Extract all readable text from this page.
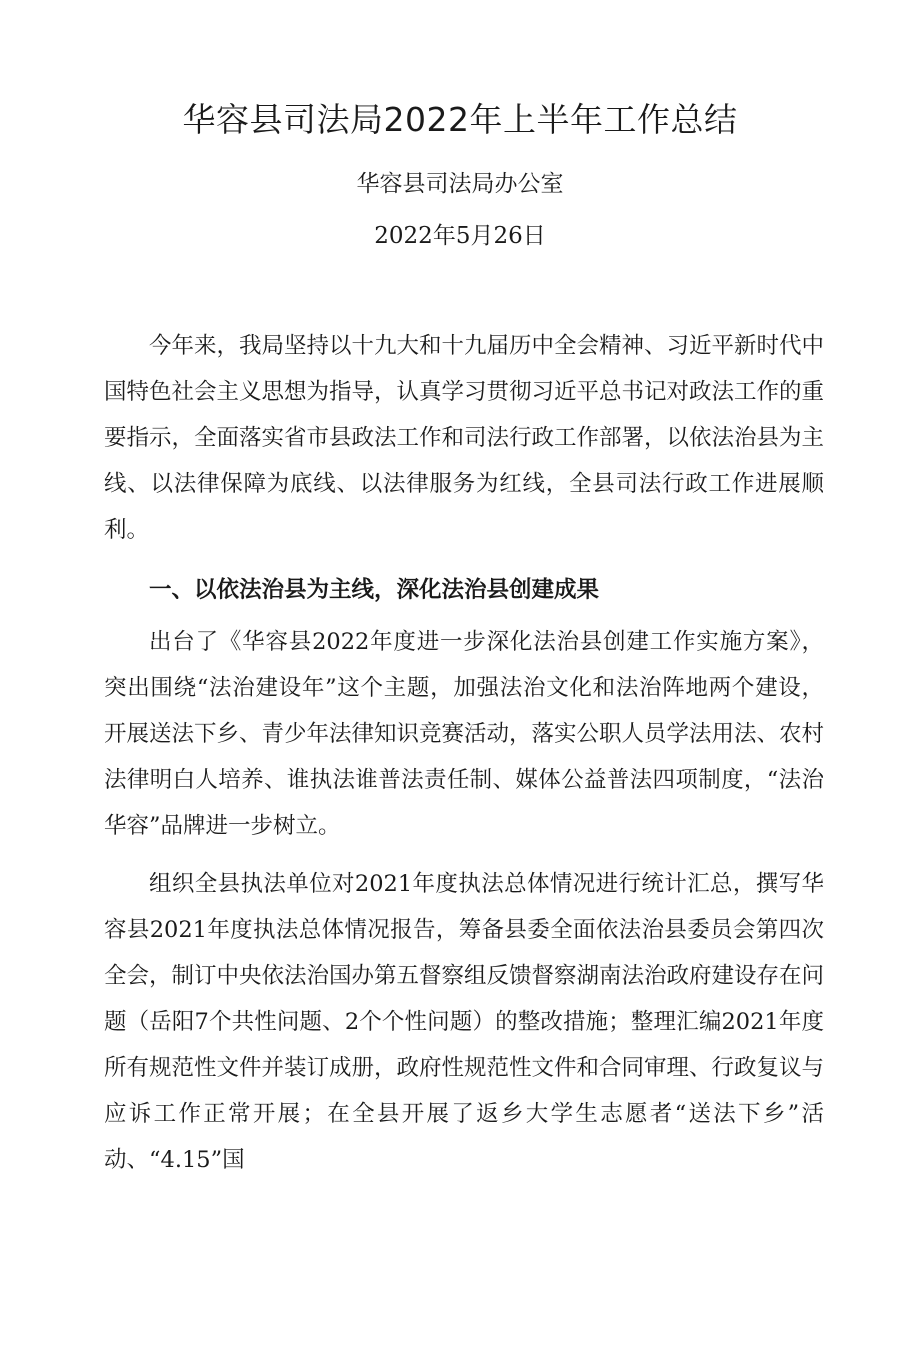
华容县司法局2022年上半年工作总结

华容县司法局办公室

2022年5月26日

今年来，我局坚持以十九大和十九届历中全会精神、习近平新时代中国特色社会主义思想为指导，认真学习贯彻习近平总书记对政法工作的重要指示，全面落实省市县政法工作和司法行政工作部署，以依法治县为主线、以法律保障为底线、以法律服务为红线，全县司法行政工作进展顺利。

一、以依法治县为主线，深化法治县创建成果

出台了《华容县2022年度进一步深化法治县创建工作实施方案》，突出围绕“法治建设年”这个主题，加强法治文化和法治阵地两个建设，开展送法下乡、青少年法律知识竞赛活动，落实公职人员学法用法、农村法律明白人培养、谁执法谁普法责任制、媒体公益普法四项制度，“法治华容”品牌进一步树立。

组织全县执法单位对2021年度执法总体情况进行统计汇总，撰写华容县2021年度执法总体情况报告，筹备县委全面依法治县委员会第四次全会，制订中央依法治国办第五督察组反馈督察湖南法治政府建设存在问题（岳阳7个共性问题、2个个性问题）的整改措施；整理汇编2021年度所有规范性文件并装订成册，政府性规范性文件和合同审理、行政复议与应诉工作正常开展；在全县开展了返乡大学生志愿者“送法下乡”活动、“4.15”国
